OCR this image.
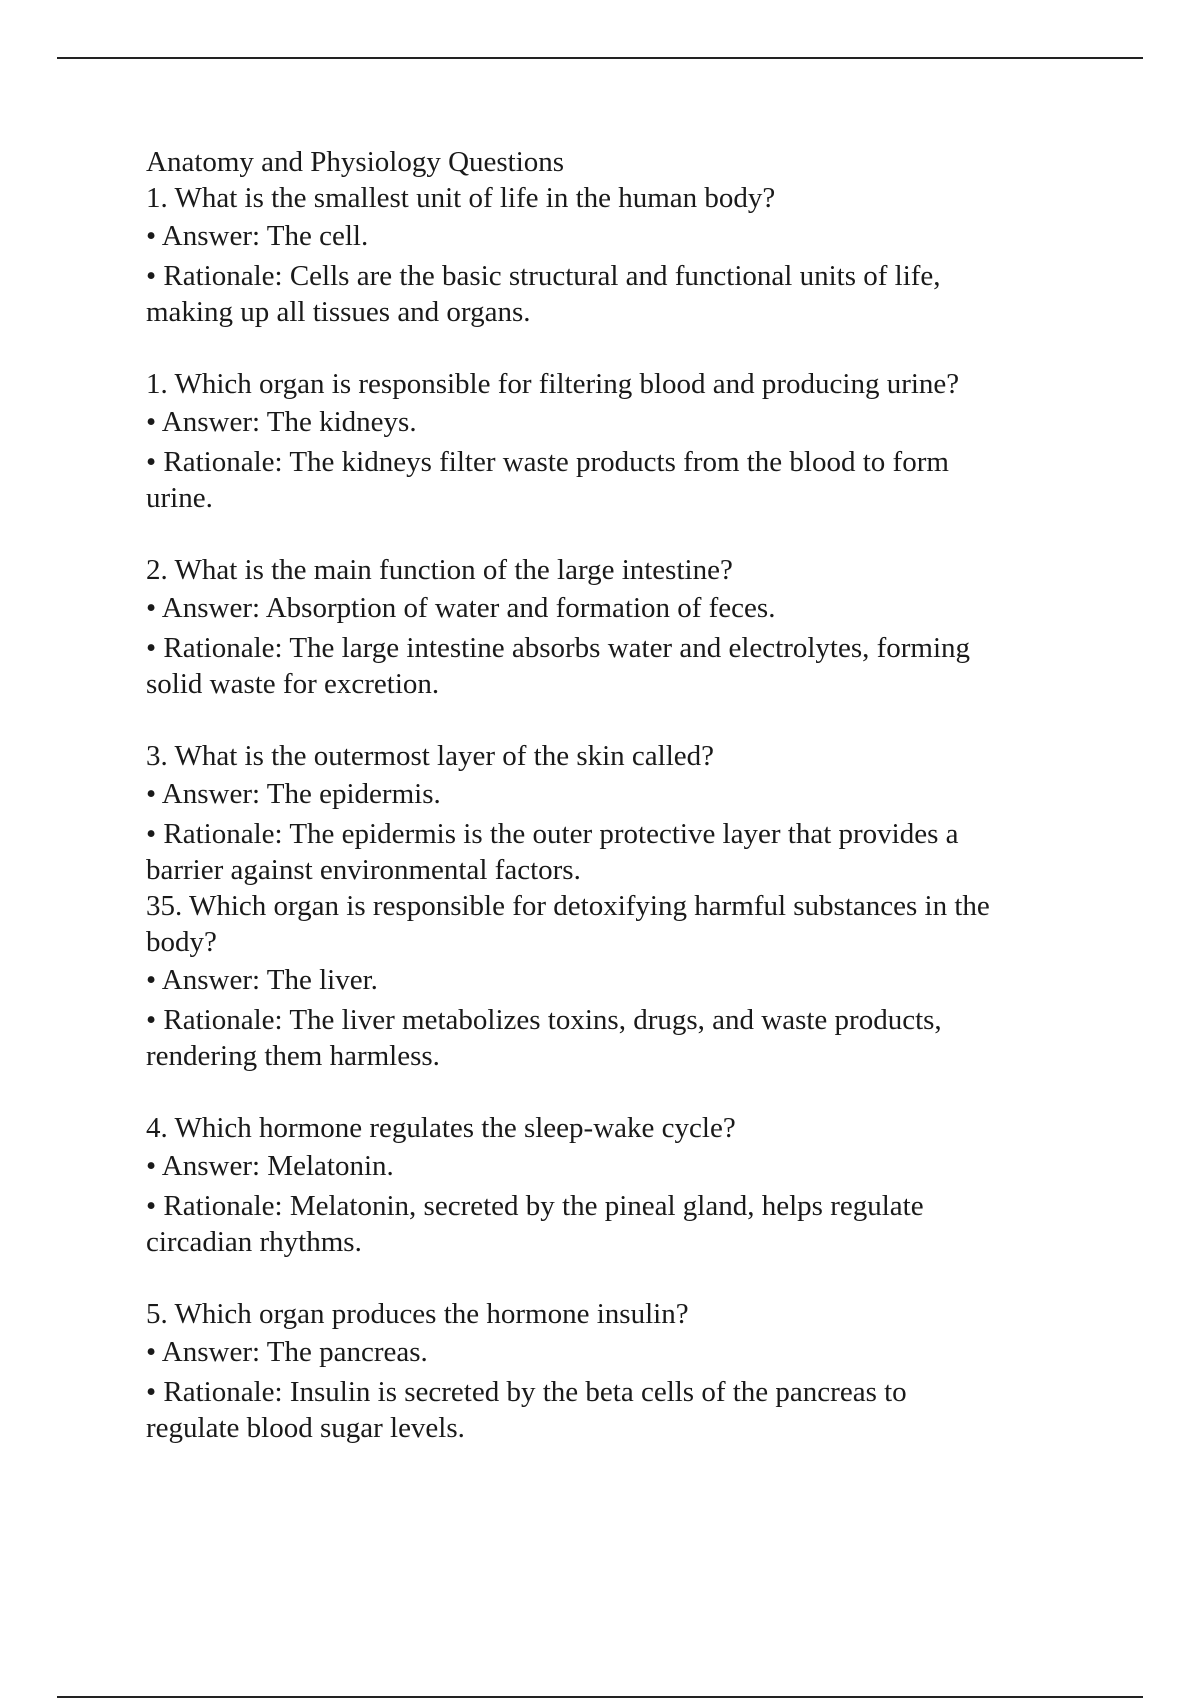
Anatomy and Physiology Questions

1. What is the smallest unit of life in the human body?

• Answer: The cell.

• Rationale: Cells are the basic structural and functional units of life, making up all tissues and organs.

1. Which organ is responsible for filtering blood and producing urine?

• Answer: The kidneys.

• Rationale: The kidneys filter waste products from the blood to form urine.

2. What is the main function of the large intestine?

• Answer: Absorption of water and formation of feces.

• Rationale: The large intestine absorbs water and electrolytes, forming solid waste for excretion.

3. What is the outermost layer of the skin called?

• Answer: The epidermis.

• Rationale: The epidermis is the outer protective layer that provides a barrier against environmental factors.

35. Which organ is responsible for detoxifying harmful substances in the body?

• Answer: The liver.

• Rationale: The liver metabolizes toxins, drugs, and waste products, rendering them harmless.

4. Which hormone regulates the sleep-wake cycle?

• Answer: Melatonin.

• Rationale: Melatonin, secreted by the pineal gland, helps regulate circadian rhythms.

5. Which organ produces the hormone insulin?

• Answer: The pancreas.

• Rationale: Insulin is secreted by the beta cells of the pancreas to regulate blood sugar levels.
